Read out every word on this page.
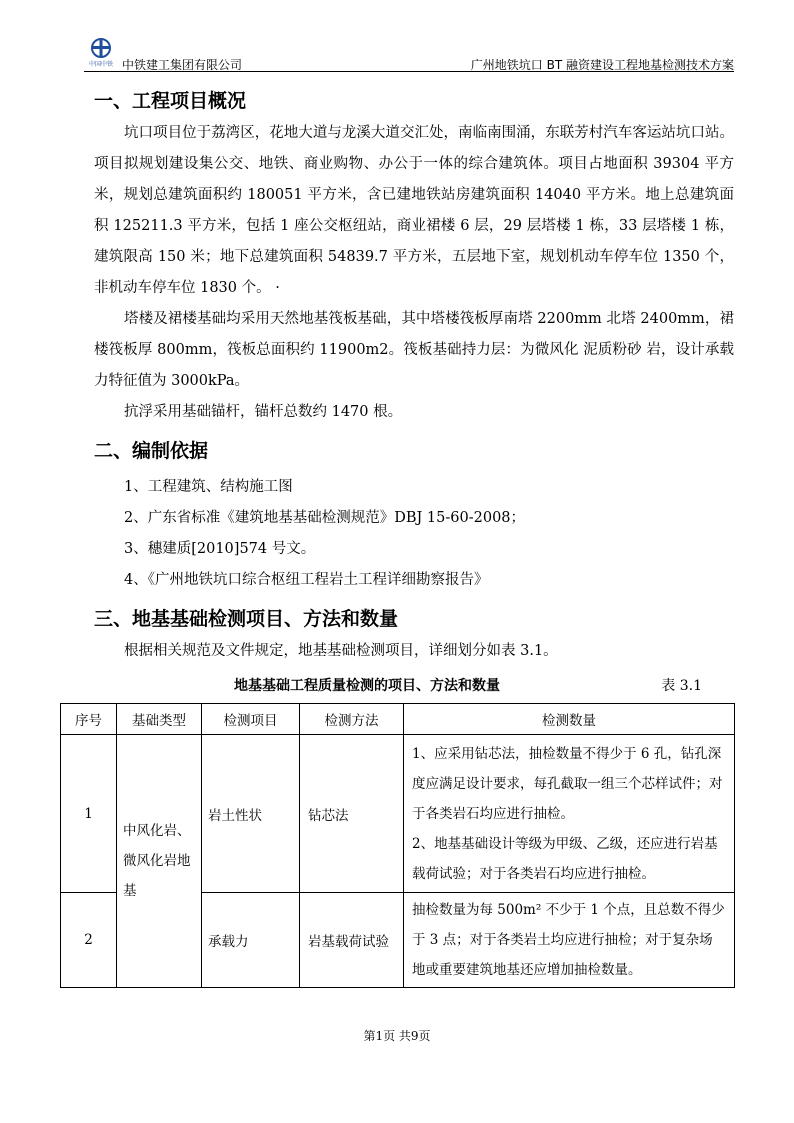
中国中铁 中铁建工集团有限公司	广州地铁坑口 BT 融资建设工程地基检测技术方案
一、工程项目概况

坑口项目位于荔湾区，花地大道与龙溪大道交汇处，南临南围涌，东联芳村汽车客运站坑口站。项目拟规划建设集公交、地铁、商业购物、办公于一体的综合建筑体。项目占地面积 39304 平方米，规划总建筑面积约 180051 平方米，含已建地铁站房建筑面积 14040 平方米。地上总建筑面积 125211.3 平方米，包括 1 座公交枢纽站，商业裙楼 6 层，29 层塔楼 1 栋，33 层塔楼 1 栋，建筑限高 150 米；地下总建筑面积 54839.7 平方米，五层地下室，规划机动车停车位 1350 个，非机动车停车位 1830 个。 ·

塔楼及裙楼基础均采用天然地基筏板基础，其中塔楼筏板厚南塔 2200mm 北塔 2400mm，裙楼筏板厚 800mm，筏板总面积约 11900m2。筏板基础持力层：为微风化 泥质粉砂 岩，设计承载力特征值为 3000kPa。

抗浮采用基础锚杆，锚杆总数约 1470 根。

二、编制依据

1、工程建筑、结构施工图

2、广东省标准《建筑地基基础检测规范》DBJ 15-60-2008；

3、穗建质[2010]574 号文。

4、《广州地铁坑口综合枢纽工程岩土工程详细勘察报告》

三、地基基础检测项目、方法和数量

根据相关规范及文件规定，地基基础检测项目，详细划分如表 3.1。

地基基础工程质量检测的项目、方法和数量	表 3.1
序号	基础类型	检测项目	检测方法	检测数量
1	中风化岩、微风化岩地基	岩土性状	钻芯法	1、应采用钻芯法，抽检数量不得少于 6 孔，钻孔深度应满足设计要求，每孔截取一组三个芯样试件；对于各类岩石均应进行抽检。
2、地基基础设计等级为甲级、乙级，还应进行岩基载荷试验；对于各类岩石均应进行抽检。

2		承载力	岩基载荷试验	抽检数量为每 500m² 不少于 1 个点，且总数不得少于 3 点；对于各类岩土均应进行抽检；对于复杂场地或重要建筑地基还应增加抽检数量。
第1页 共9页
